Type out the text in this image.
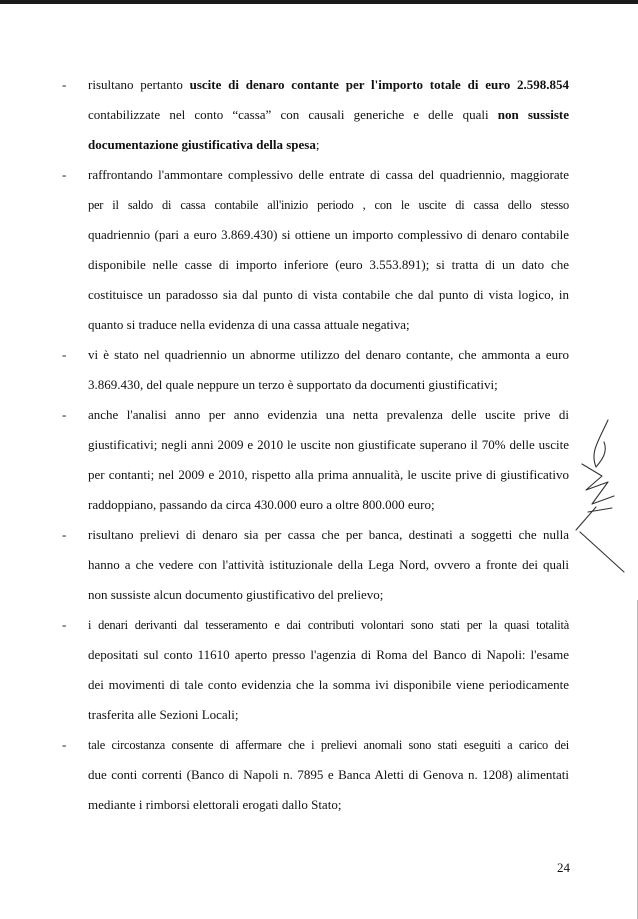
- risultano pertanto uscite di denaro contante per l'importo totale di euro 2.598.854
contabilizzate nel conto “cassa” con causali generiche e delle quali non sussiste
documentazione giustificativa della spesa;
- raffrontando l'ammontare complessivo delle entrate di cassa del quadriennio, maggiorate
per il saldo di cassa contabile all'inizio periodo , con le uscite di cassa dello stesso
quadriennio (pari a euro 3.869.430) si ottiene un importo complessivo di denaro contabile
disponibile nelle casse di importo inferiore (euro 3.553.891); si tratta di un dato che
costituisce un paradosso sia dal punto di vista contabile che dal punto di vista logico, in
quanto si traduce nella evidenza di una cassa attuale negativa;
- vi è stato nel quadriennio un abnorme utilizzo del denaro contante, che ammonta a euro
3.869.430, del quale neppure un terzo è supportato da documenti giustificativi;
- anche l'analisi anno per anno evidenzia una netta prevalenza delle uscite prive di
giustificativi; negli anni 2009 e 2010 le uscite non giustificate superano il 70% delle uscite
per contanti; nel 2009 e 2010, rispetto alla prima annualità, le uscite prive di giustificativo
raddoppiano, passando da circa 430.000 euro a oltre 800.000 euro;
- risultano prelievi di denaro sia per cassa che per banca, destinati a soggetti che nulla
hanno a che vedere con l'attività istituzionale della Lega Nord, ovvero a fronte dei quali
non sussiste alcun documento giustificativo del prelievo;
- i denari derivanti dal tesseramento e dai contributi volontari sono stati per la quasi totalità
depositati sul conto 11610 aperto presso l'agenzia di Roma del Banco di Napoli: l'esame
dei movimenti di tale conto evidenzia che la somma ivi disponibile viene periodicamente
trasferita alle Sezioni Locali;
- tale circostanza consente di affermare che i prelievi anomali sono stati eseguiti a carico dei
due conti correnti (Banco di Napoli n. 7895 e Banca Aletti di Genova n. 1208) alimentati
mediante i rimborsi elettorali erogati dallo Stato;
24
